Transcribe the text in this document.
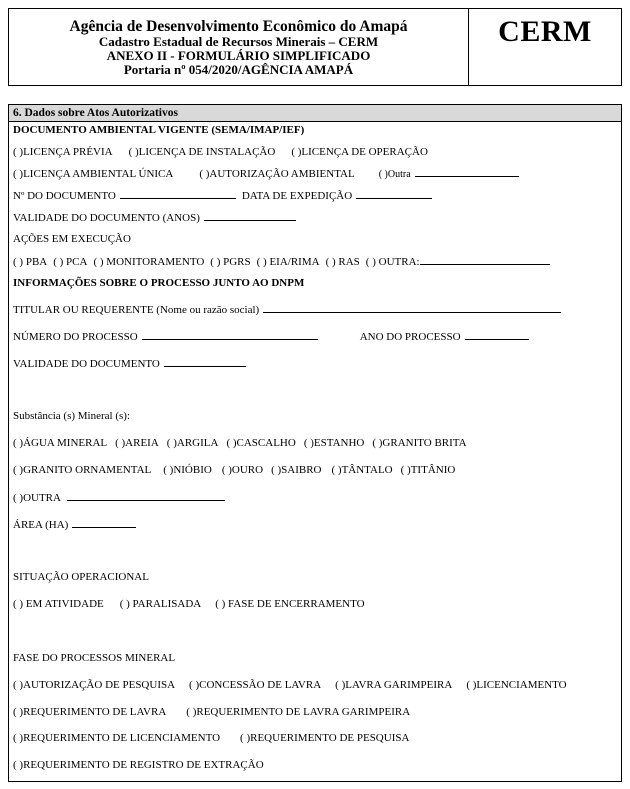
Agência de Desenvolvimento Econômico do Amapá
Cadastro Estadual de Recursos Minerais – CERM
ANEXO II - FORMULÁRIO SIMPLIFICADO
Portaria nº 054/2020/AGÊNCIA AMAPÁ
CERM
6. Dados sobre Atos Autorizativos
DOCUMENTO AMBIENTAL VIGENTE (SEMA/IMAP/IEF)
( )LICENÇA PRÉVIA ( )LICENÇA DE INSTALAÇÃO ( )LICENÇA DE OPERAÇÃO
( )LICENÇA AMBIENTAL ÚNICA ( )AUTORIZAÇÃO AMBIENTAL ( )Outra
Nº DO DOCUMENTO	DATA DE EXPEDIÇÃO
VALIDADE DO DOCUMENTO (ANOS)
AÇÕES EM EXECUÇÃO
( ) PBA ( ) PCA ( ) MONITORAMENTO ( ) PGRS ( ) EIA/RIMA ( ) RAS ( ) OUTRA:
INFORMAÇÕES SOBRE O PROCESSO JUNTO AO DNPM
TITULAR OU REQUERENTE (Nome ou razão social)
NÚMERO DO PROCESSO	ANO DO PROCESSO
VALIDADE DO DOCUMENTO
Substância (s) Mineral (s):
( )ÁGUA MINERAL ( )AREIA ( )ARGILA ( )CASCALHO ( )ESTANHO ( )GRANITO BRITA
( )GRANITO ORNAMENTAL ( )NIÓBIO ( )OURO ( )SAIBRO ( )TÂNTALO ( )TITÂNIO
( )OUTRA
ÁREA (HA)
SITUAÇÃO OPERACIONAL
( ) EM ATIVIDADE ( ) PARALISADA ( ) FASE DE ENCERRAMENTO
FASE DO PROCESSOS MINERAL
( )AUTORIZAÇÃO DE PESQUISA ( )CONCESSÃO DE LAVRA ( )LAVRA GARIMPEIRA ( )LICENCIAMENTO
( )REQUERIMENTO DE LAVRA ( )REQUERIMENTO DE LAVRA GARIMPEIRA
( )REQUERIMENTO DE LICENCIAMENTO ( )REQUERIMENTO DE PESQUISA
( )REQUERIMENTO DE REGISTRO DE EXTRAÇÃO
